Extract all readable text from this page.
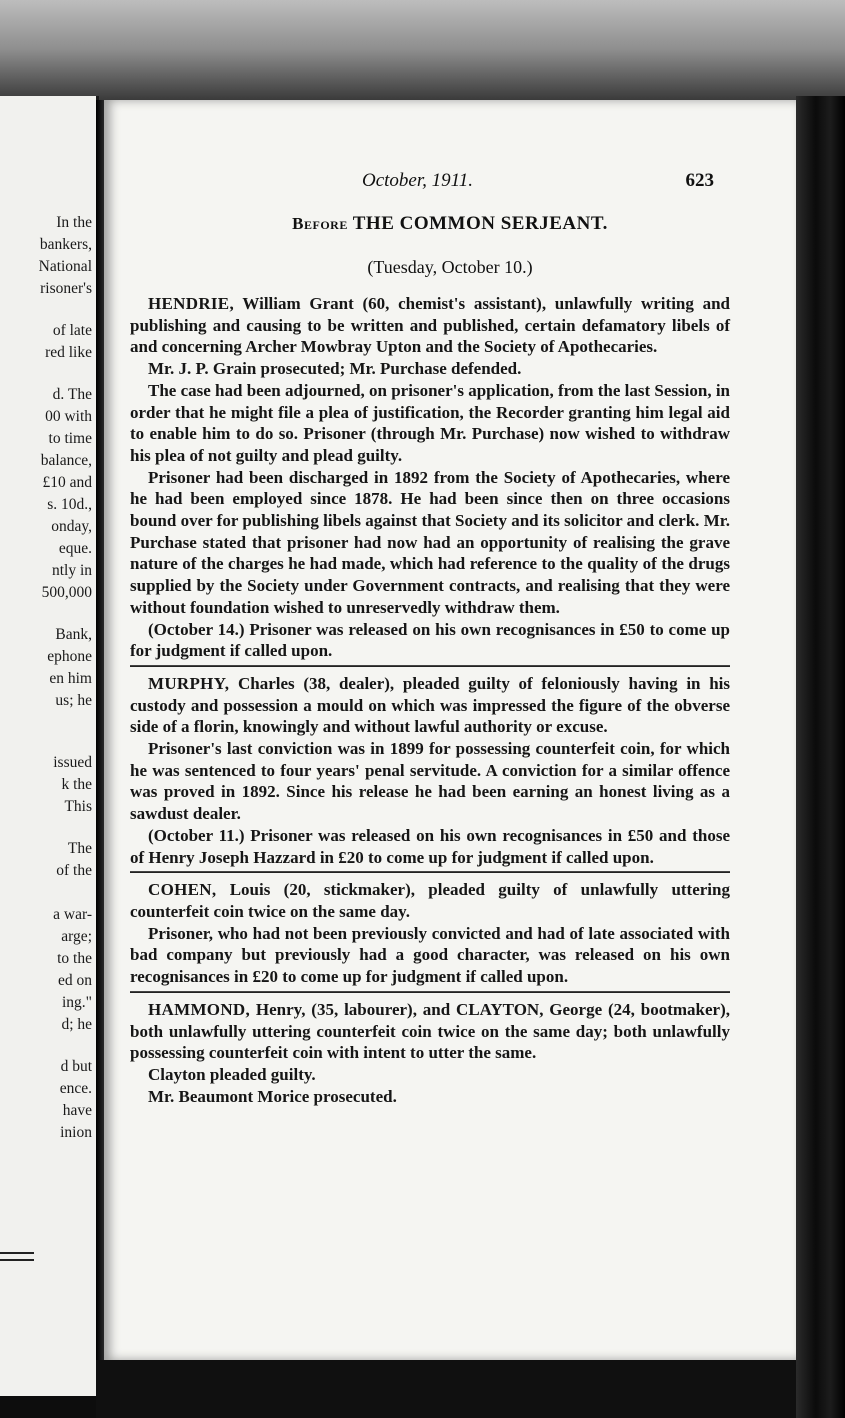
In the
bankers,
National
risoner's
of late
red like
d. The
00 with
to time
balance,
£10 and
s. 10d.,
onday,
eque.
ntly in
500,000
Bank,
ephone
en him
us; he
issued
k the
This
The
of the
a war-
arge;
to the
ed on
ing."
d; he
d but
ence.
have
inion
October, 1911.	623
Before THE COMMON SERJEANT.
(Tuesday, October 10.)

HENDRIE, William Grant (60, chemist's assistant), unlawfully writing and publishing and causing to be written and published, certain defamatory libels of and concerning Archer Mowbray Upton and the Society of Apothecaries.

Mr. J. P. Grain prosecuted; Mr. Purchase defended.

The case had been adjourned, on prisoner's application, from the last Session, in order that he might file a plea of justification, the Recorder granting him legal aid to enable him to do so. Prisoner (through Mr. Purchase) now wished to withdraw his plea of not guilty and plead guilty.

Prisoner had been discharged in 1892 from the Society of Apothecaries, where he had been employed since 1878. He had been since then on three occasions bound over for publishing libels against that Society and its solicitor and clerk. Mr. Purchase stated that prisoner had now had an opportunity of realising the grave nature of the charges he had made, which had reference to the quality of the drugs supplied by the Society under Government contracts, and realising that they were without foundation wished to unreservedly withdraw them.

(October 14.) Prisoner was released on his own recognisances in £50 to come up for judgment if called upon.

MURPHY, Charles (38, dealer), pleaded guilty of feloniously having in his custody and possession a mould on which was impressed the figure of the obverse side of a florin, knowingly and without lawful authority or excuse.

Prisoner's last conviction was in 1899 for possessing counterfeit coin, for which he was sentenced to four years' penal servitude. A conviction for a similar offence was proved in 1892. Since his release he had been earning an honest living as a sawdust dealer.

(October 11.) Prisoner was released on his own recognisances in £50 and those of Henry Joseph Hazzard in £20 to come up for judgment if called upon.

COHEN, Louis (20, stickmaker), pleaded guilty of unlawfully uttering counterfeit coin twice on the same day.

Prisoner, who had not been previously convicted and had of late associated with bad company but previously had a good character, was released on his own recognisances in £20 to come up for judgment if called upon.

HAMMOND, Henry, (35, labourer), and CLAYTON, George (24, bootmaker), both unlawfully uttering counterfeit coin twice on the same day; both unlawfully possessing counterfeit coin with intent to utter the same.

Clayton pleaded guilty.

Mr. Beaumont Morice prosecuted.
